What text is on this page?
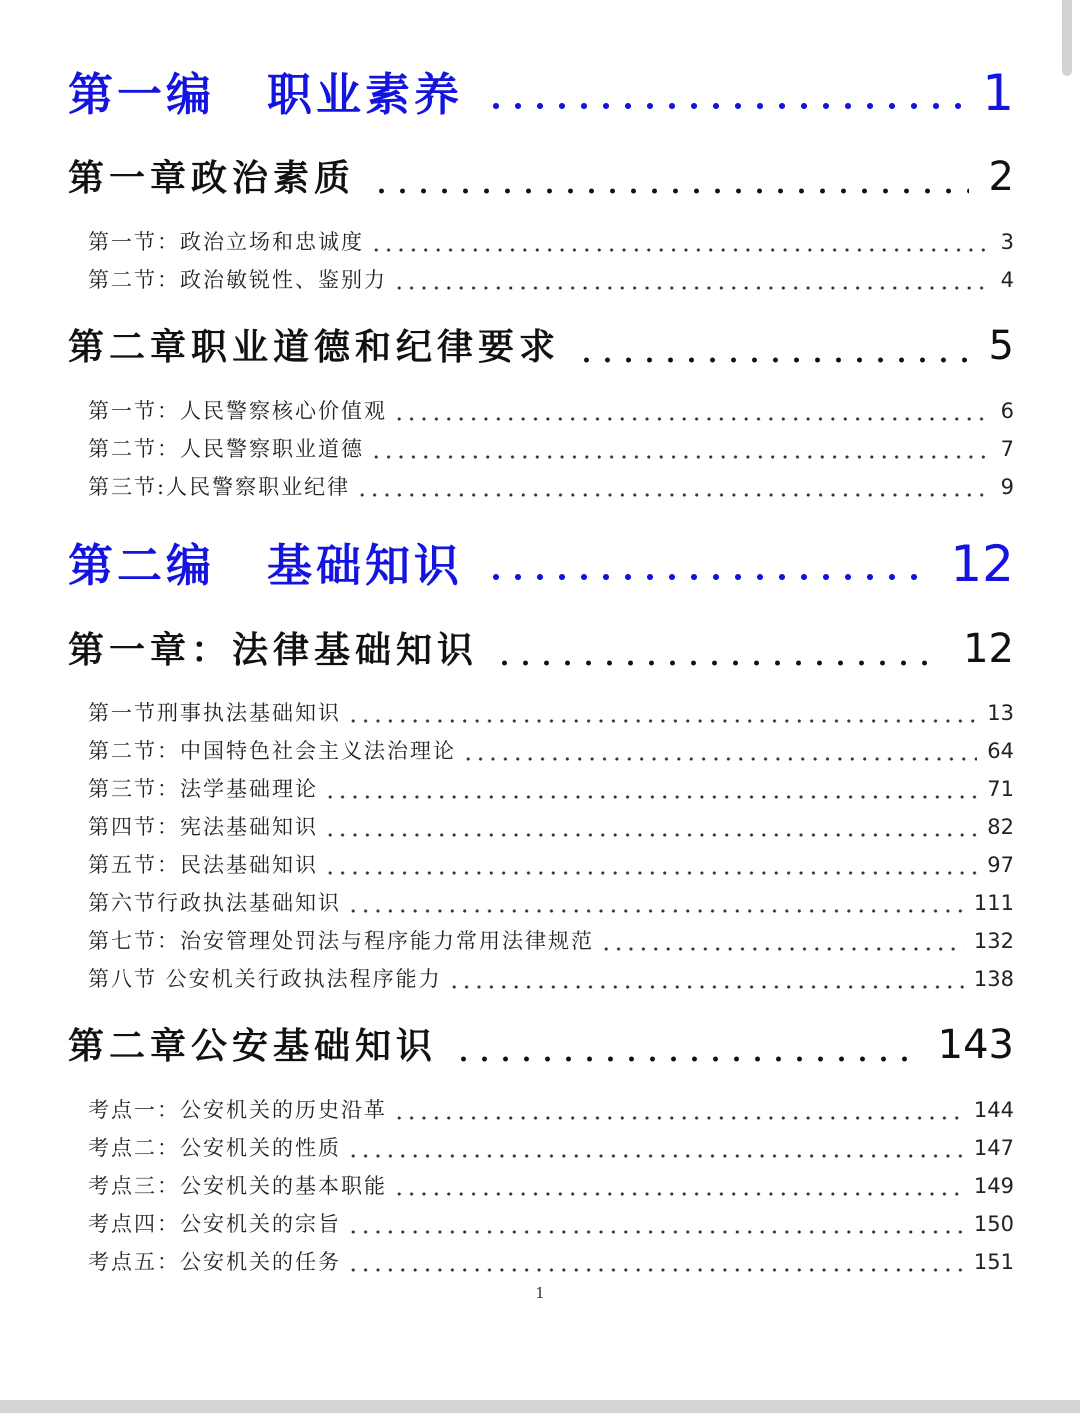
第一编 职业素养	1
第一章政治素质	2
第一节：政治立场和忠诚度	3
第二节：政治敏锐性、鉴别力	4
第二章职业道德和纪律要求	5
第一节：人民警察核心价值观	6
第二节：人民警察职业道德	7
第三节:人民警察职业纪律	9
第二编 基础知识	12
第一章：法律基础知识	12
第一节刑事执法基础知识	13
第二节：中国特色社会主义法治理论	64
第三节：法学基础理论	71
第四节：宪法基础知识	82
第五节：民法基础知识	97
第六节行政执法基础知识	111
第七节：治安管理处罚法与程序能力常用法律规范	132
第八节 公安机关行政执法程序能力	138
第二章公安基础知识	143
考点一：公安机关的历史沿革	144
考点二：公安机关的性质	147
考点三：公安机关的基本职能	149
考点四：公安机关的宗旨	150
考点五：公安机关的任务	151
1
